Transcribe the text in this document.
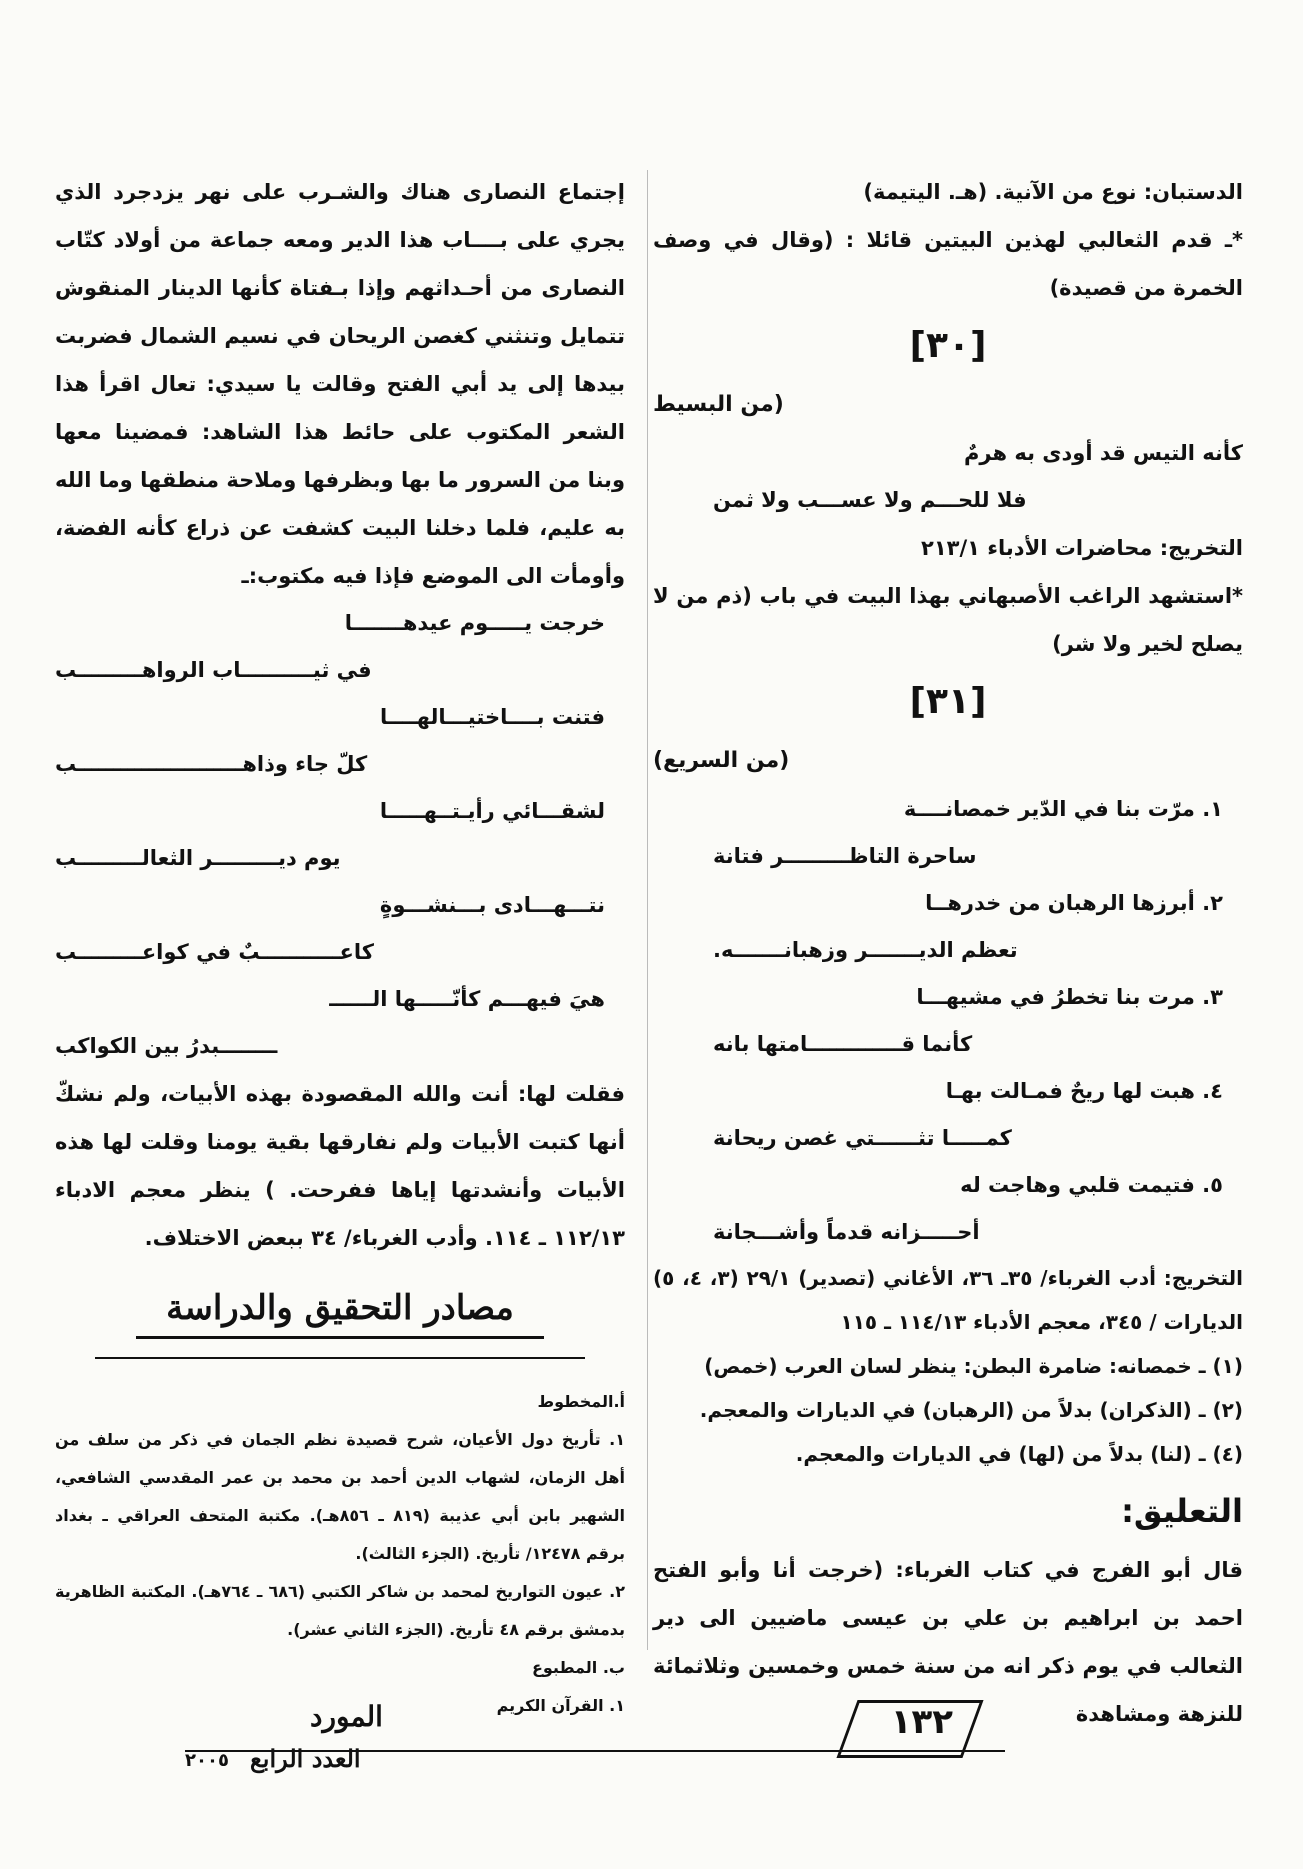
الدستبان: نوع من الآنية. (هـ. اليتيمة)

*ـ قدم الثعالبي لهذين البيتين قائلا : (وقال في وصف الخمرة من قصيدة)

[٣٠]

(من البسيط

كأنه التيس قد أودى به هرمٌ

فلا للحـــم ولا عســـب ولا ثمن

التخريج: محاضرات الأدباء ٢١٣/١

*استشهد الراغب الأصبهاني بهذا البيت في باب (ذم من لا يصلح لخير ولا شر)

[٣١]

(من السريع)

١. مرّت بنا في الدّير خمصانــــة

ساحرة التاظـــــــــر فتانة

٢. أبرزها الرهبان من خدرهــا

تعظم الديـــــــر وزهبانـــــــه.

٣. مرت بنا تخطرُ في مشيهـــا

كأنما قـــــــــــــامتها بانه

٤. هبت لها ريحٌ فمـالت بهـا

كمـــــا تثــــــتي غصن ريحانة

٥. فتيمت قلبي وهاجت له

أحـــــزانه قدماً وأشـــجانة

التخريج: أدب الغرباء/ ٣٥ـ ٣٦، الأغاني (تصدير) ٢٩/١ (٣، ٤، ٥) الديارات / ٣٤٥، معجم الأدباء ١١٤/١٣ ـ ١١٥

(١) ـ خمصانه: ضامرة البطن: ينظر لسان العرب (خمص)

(٢) ـ (الذكران) بدلاً من (الرهبان) في الديارات والمعجم.

(٤) ـ (لنا) بدلاً من (لها) في الديارات والمعجم.

التعليق:

قال أبو الفرج في كتاب الغرباء: (خرجت أنا وأبو الفتح احمد بن ابراهيم بن علي بن عيسى ماضيين الى دير الثعالب في يوم ذكر انه من سنة خمس وخمسين وثلاثمائة للنزهة ومشاهدة

إجتماع النصارى هناك والشـرب على نهر يزدجرد الذي يجري على بــــاب هذا الدير ومعه جماعة من أولاد كتّاب النصارى من أحـداثهم وإذا بـفتاة كأنها الدينار المنقوش تتمايل وتنثني كغصن الريحان في نسيم الشمال فضربت بيدها إلى يد أبي الفتح وقالت يا سيدي: تعال اقرأ هذا الشعر المكتوب على حائط هذا الشاهد: فمضينا معها وبنا من السرور ما بها وبظرفها وملاحة منطقها وما الله به عليم، فلما دخلنا البيت كشفت عن ذراع كأنه الفضة، وأومأت الى الموضع فإذا فيه مكتوب:ـ

خرجت يـــــوم عيدهـــــــا

في ثيــــــــــاب الرواهـــــــــب

فتنت بــــاختيـــالهــــا

كلّ جاء وذاهـــــــــــــــــــــــب

لشقـــائي رأيـتــهـــــا

يوم ديـــــــــر الثعالـــــــــب

نتـــهـــادى بـــنشـــوةٍ

كاعـــــــــــبٌ في كواعـــــــــب

هيَ فيهـــم كأنّـــــها الــــــ

ــــــــبدرُ بين الكواكب

فقلت لها: أنت والله المقصودة بهذه الأبيات، ولم نشكّ أنها كتبت الأبيات ولم نفارقها بقية يومنا وقلت لها هذه الأبيات وأنشدتها إياها ففرحت. ) ينظر معجم الادباء ١١٢/١٣ ـ ١١٤. وأدب الغرباء/ ٣٤ ببعض الاختلاف.

مصادر التحقيق والدراسة

أ.المخطوط

١. تأريخ دول الأعيان، شرح قصيدة نظم الجمان في ذكر من سلف من أهل الزمان، لشهاب الدين أحمد بن محمد بن عمر المقدسي الشافعي، الشهير بابن أبي عذيبة (٨١٩ ـ ٨٥٦هـ). مكتبة المتحف العراقي ـ بغداد برقم ١٢٤٧٨/ تأريخ. (الجزء الثالث).

٢. عيون التواريخ لمحمد بن شاكر الكتبي (٦٨٦ ـ ٧٦٤هـ). المكتبة الظاهرية بدمشق برقم ٤٨ تأريخ. (الجزء الثاني عشر).

ب. المطبوع

١. القرآن الكريم	١٣٢
المورد
العدد الرابع
٢٠٠٥
